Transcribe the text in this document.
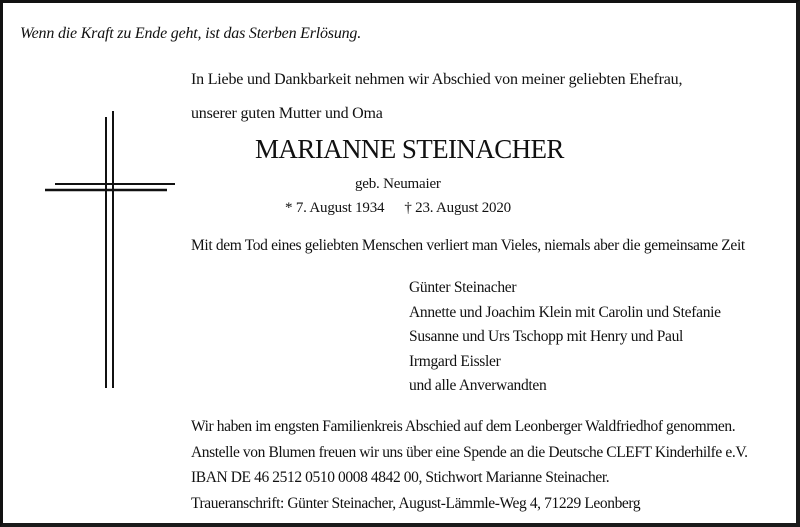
Wenn die Kraft zu Ende geht, ist das Sterben Erlösung.
In Liebe und Dankbarkeit nehmen wir Abschied von meiner geliebten Ehefrau,
unserer guten Mutter und Oma
MARIANNE STEINACHER
geb. Neumaier
* 7. August 1934 † 23. August 2020
Mit dem Tod eines geliebten Menschen verliert man Vieles, niemals aber die gemeinsame Zeit
Günter Steinacher
Annette und Joachim Klein mit Carolin und Stefanie
Susanne und Urs Tschopp mit Henry und Paul
Irmgard Eissler
und alle Anverwandten
Wir haben im engsten Familienkreis Abschied auf dem Leonberger Waldfriedhof genommen.
Anstelle von Blumen freuen wir uns über eine Spende an die Deutsche CLEFT Kinderhilfe e.V.
IBAN DE 46 2512 0510 0008 4842 00, Stichwort Marianne Steinacher.
Traueranschrift: Günter Steinacher, August-Lämmle-Weg 4, 71229 Leonberg
